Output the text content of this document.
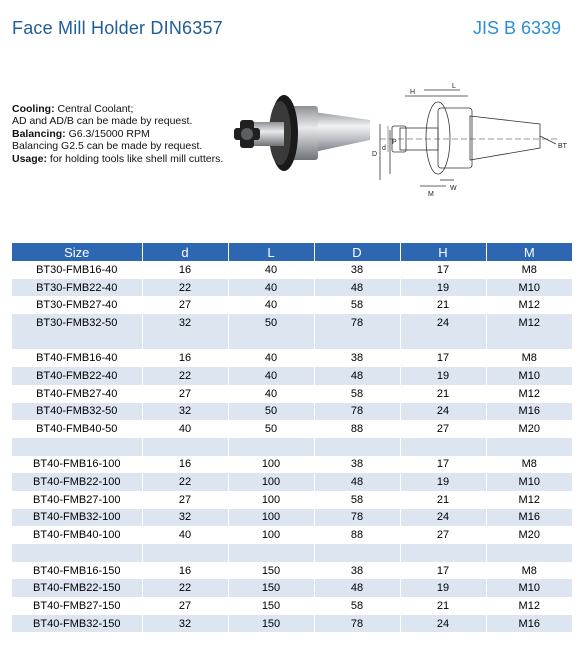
Face Mill Holder DIN6357	JIS B 6339
Cooling: Central Coolant;
AD and AD/B can be made by request.
Balancing: G6.3/15000 RPM
Balancing G2.5 can be made by request.
Usage: for holding tools like shell mill cutters.
H
L
D
d
P
M
W
BT
Size	d	L	D	H	M
BT30-FMB16-40	16	40	38	17	M8
BT30-FMB22-40	22	40	48	19	M10
BT30-FMB27-40	27	40	58	21	M12
BT30-FMB32-50	32	50	78	24	M12

BT40-FMB16-40	16	40	38	17	M8
BT40-FMB22-40	22	40	48	19	M10
BT40-FMB27-40	27	40	58	21	M12
BT40-FMB32-50	32	50	78	24	M16
BT40-FMB40-50	40	50	88	27	M20

BT40-FMB16-100	16	100	38	17	M8
BT40-FMB22-100	22	100	48	19	M10
BT40-FMB27-100	27	100	58	21	M12
BT40-FMB32-100	32	100	78	24	M16
BT40-FMB40-100	40	100	88	27	M20

BT40-FMB16-150	16	150	38	17	M8
BT40-FMB22-150	22	150	48	19	M10
BT40-FMB27-150	27	150	58	21	M12
BT40-FMB32-150	32	150	78	24	M16
